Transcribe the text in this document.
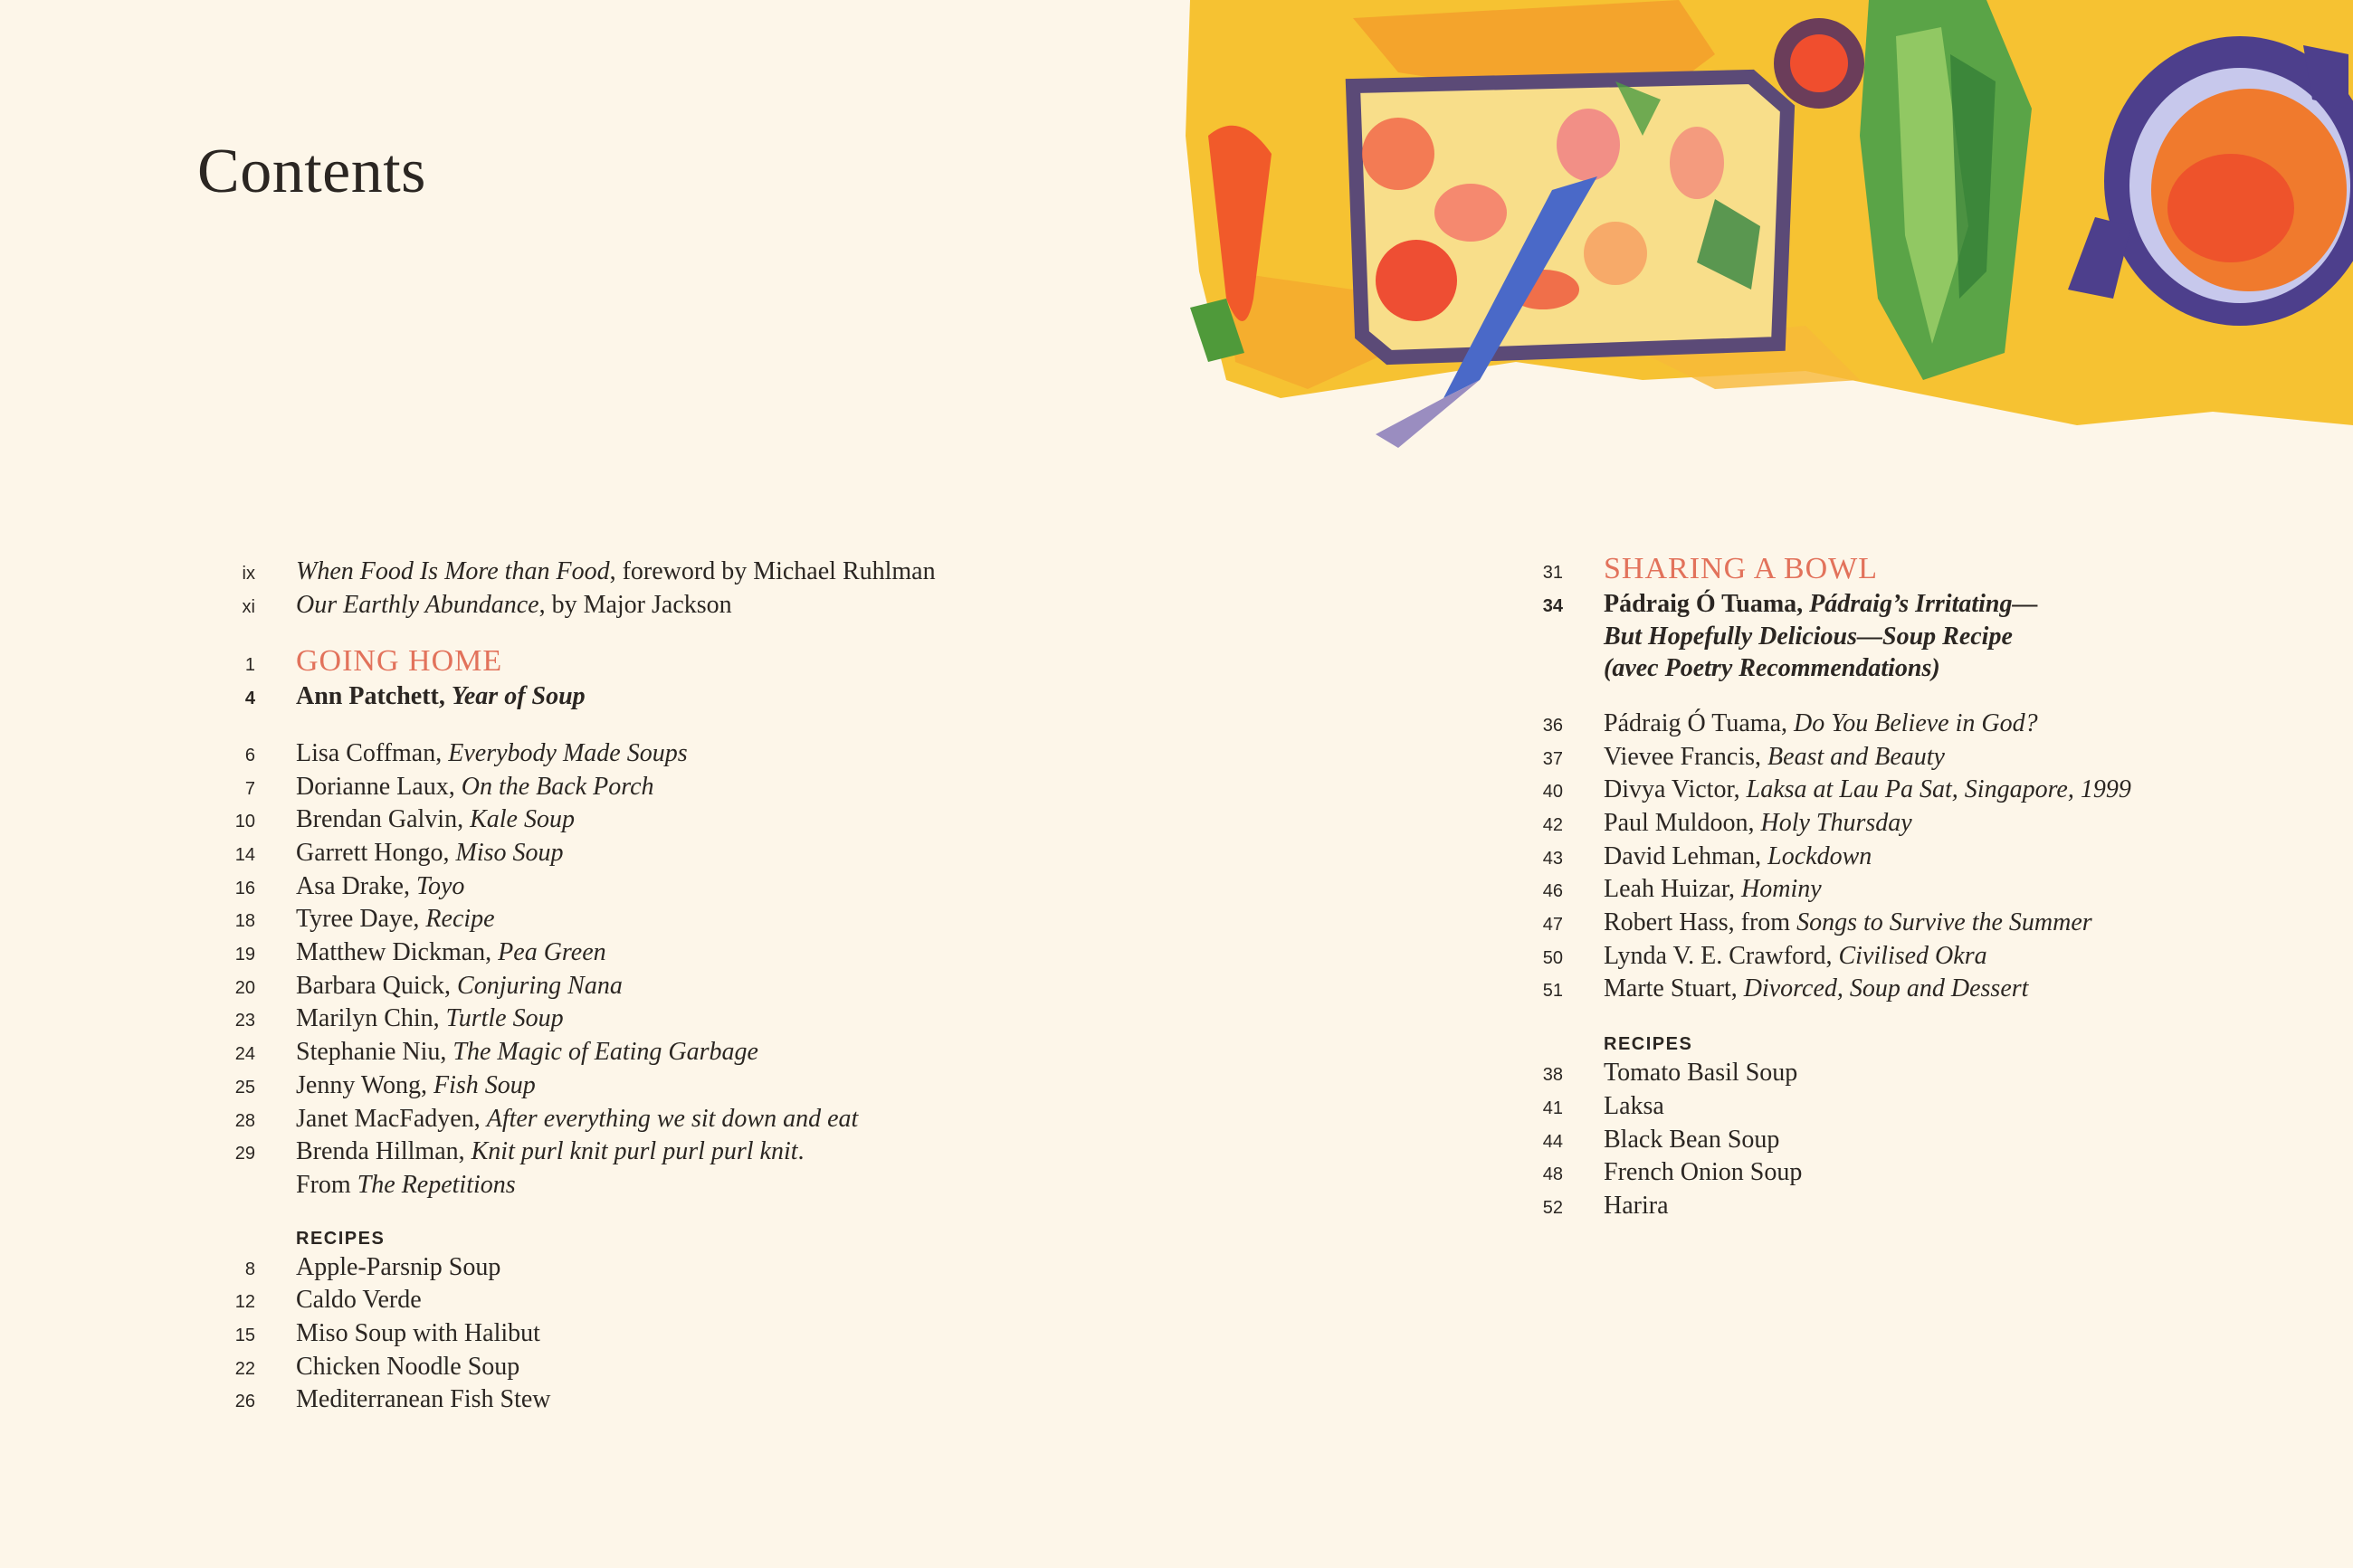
Contents
ix When Food Is More than Food, foreword by Michael Ruhlman
xi Our Earthly Abundance, by Major Jackson
1 GOING HOME
4 Ann Patchett, Year of Soup
6 Lisa Coffman, Everybody Made Soups
7 Dorianne Laux, On the Back Porch
10 Brendan Galvin, Kale Soup
14 Garrett Hongo, Miso Soup
16 Asa Drake, Toyo
18 Tyree Daye, Recipe
19 Matthew Dickman, Pea Green
20 Barbara Quick, Conjuring Nana
23 Marilyn Chin, Turtle Soup
24 Stephanie Niu, The Magic of Eating Garbage
25 Jenny Wong, Fish Soup
28 Janet MacFadyen, After everything we sit down and eat
29 Brenda Hillman, Knit purl knit purl purl purl knit.
From The Repetitions
RECIPES
8 Apple-Parsnip Soup
12 Caldo Verde
15 Miso Soup with Halibut
22 Chicken Noodle Soup
26 Mediterranean Fish Stew
31 SHARING A BOWL
34 Pádraig Ó Tuama, Pádraig’s Irritating—
But Hopefully Delicious—Soup Recipe
(avec Poetry Recommendations)
36 Pádraig Ó Tuama, Do You Believe in God?
37 Vievee Francis, Beast and Beauty
40 Divya Victor, Laksa at Lau Pa Sat, Singapore, 1999
42 Paul Muldoon, Holy Thursday
43 David Lehman, Lockdown
46 Leah Huizar, Hominy
47 Robert Hass, from Songs to Survive the Summer
50 Lynda V. E. Crawford, Civilised Okra
51 Marte Stuart, Divorced, Soup and Dessert
RECIPES
38 Tomato Basil Soup
41 Laksa
44 Black Bean Soup
48 French Onion Soup
52 Harira
